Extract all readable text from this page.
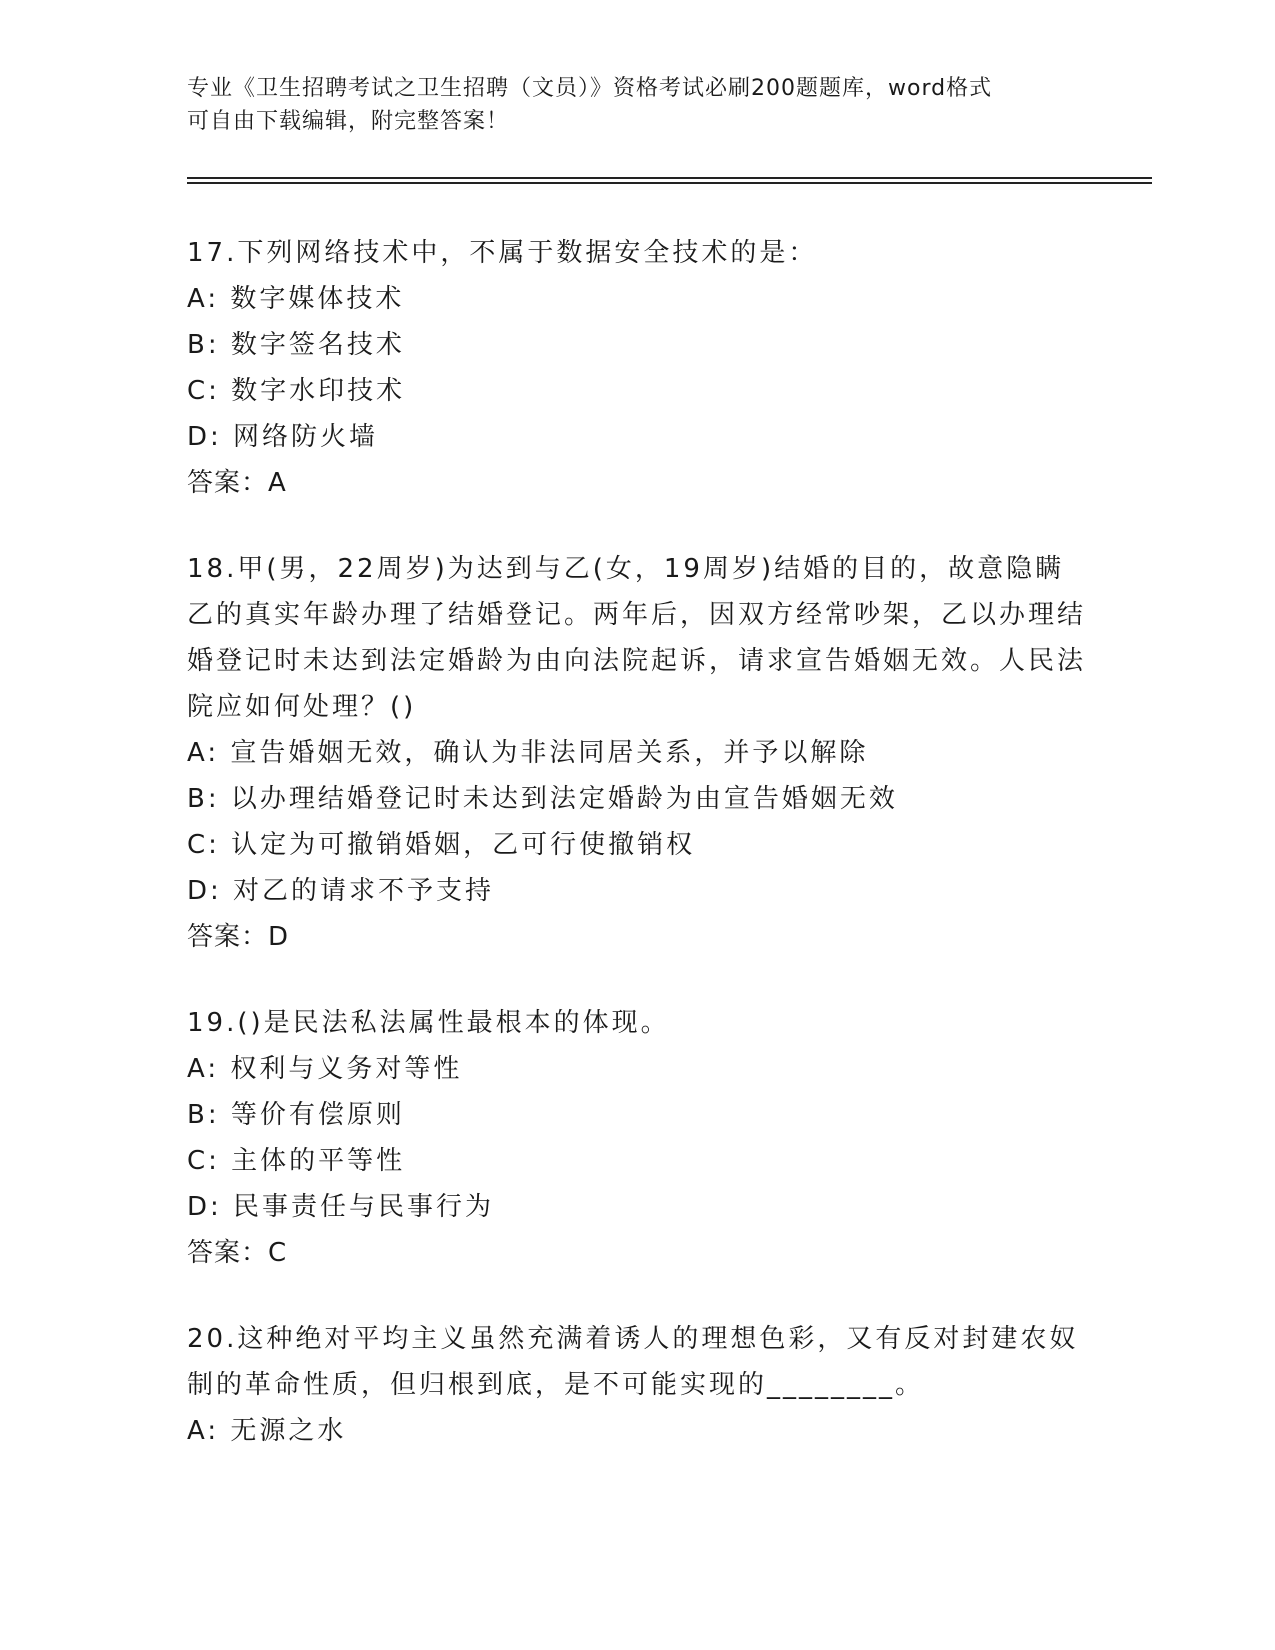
专业《卫生招聘考试之卫生招聘（文员）》资格考试必刷200题题库，word格式
可自由下载编辑，附完整答案！
17.下列网络技术中，不属于数据安全技术的是：
A: 数字媒体技术
B: 数字签名技术
C: 数字水印技术
D: 网络防火墙
答案：A
18.甲(男，22周岁)为达到与乙(女，19周岁)结婚的目的，故意隐瞒乙的真实年龄办理了结婚登记。两年后，因双方经常吵架，乙以办理结婚登记时未达到法定婚龄为由向法院起诉，请求宣告婚姻无效。人民法院应如何处理？()
A: 宣告婚姻无效，确认为非法同居关系，并予以解除
B: 以办理结婚登记时未达到法定婚龄为由宣告婚姻无效
C: 认定为可撤销婚姻，乙可行使撤销权
D: 对乙的请求不予支持
答案：D
19.()是民法私法属性最根本的体现。
A: 权利与义务对等性
B: 等价有偿原则
C: 主体的平等性
D: 民事责任与民事行为
答案：C
20.这种绝对平均主义虽然充满着诱人的理想色彩，又有反对封建农奴制的革命性质，但归根到底，是不可能实现的________。
A: 无源之水
